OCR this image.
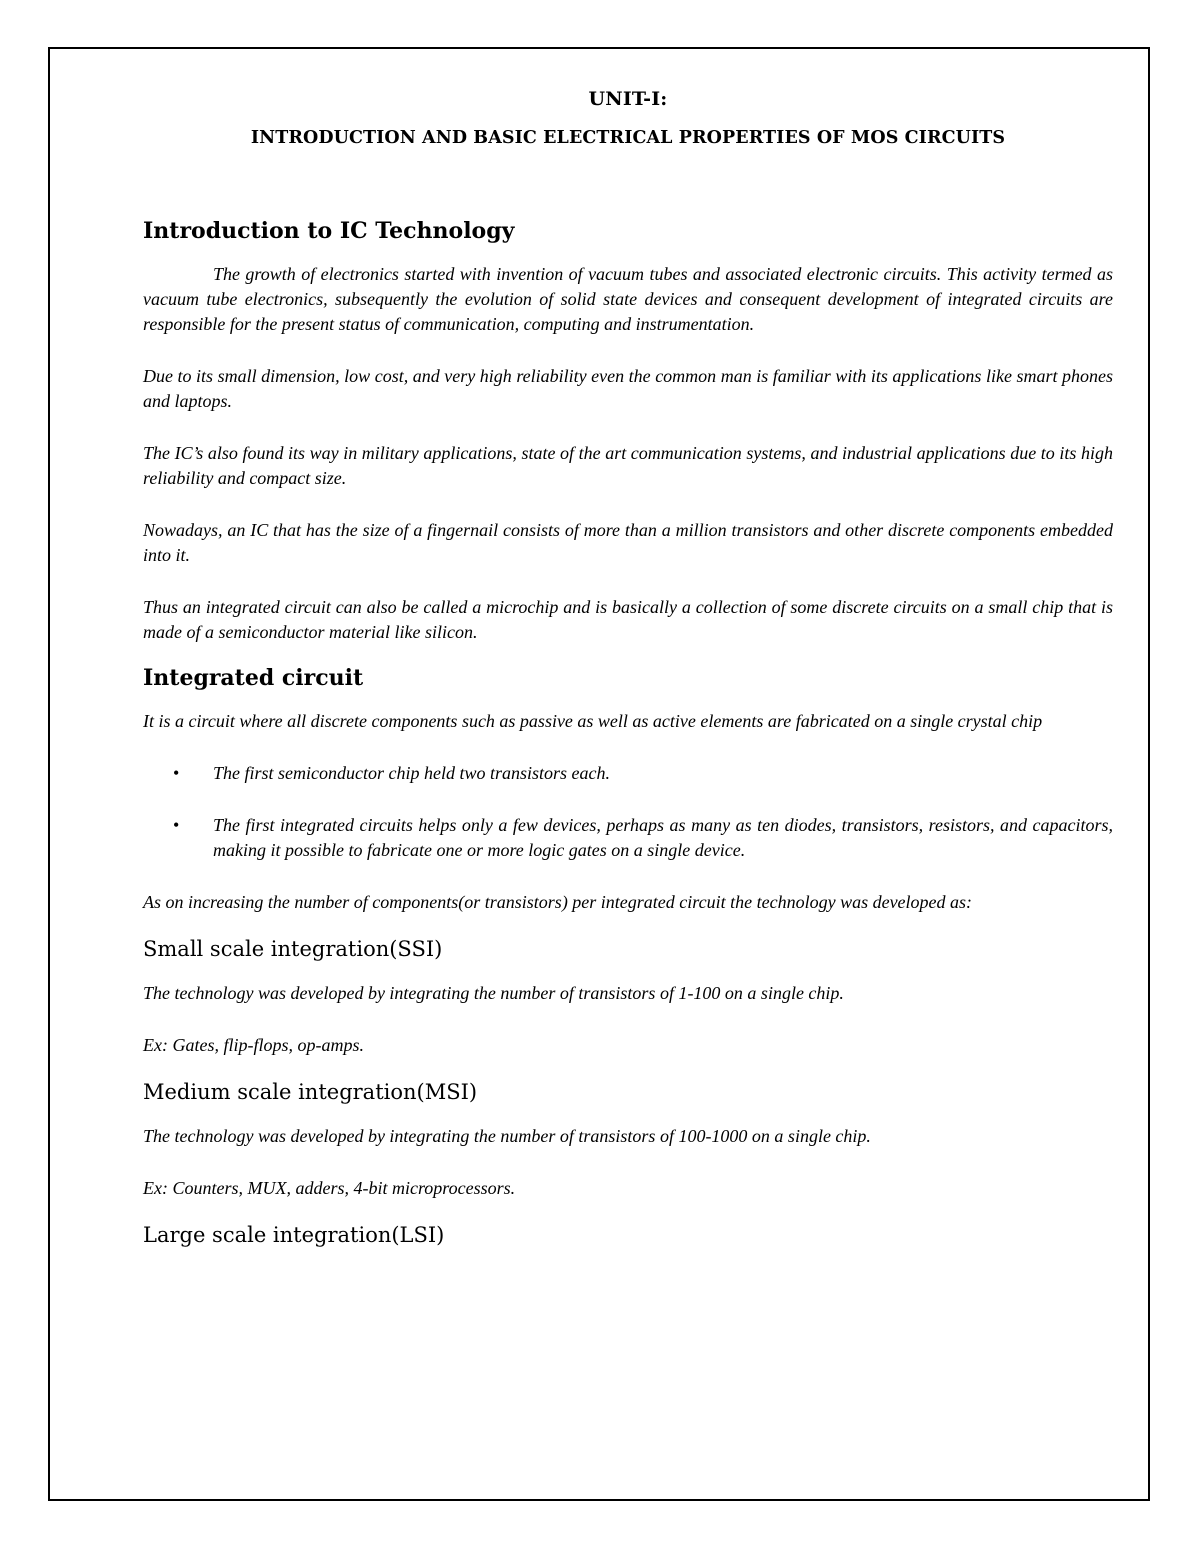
UNIT-I:
INTRODUCTION AND BASIC ELECTRICAL PROPERTIES OF MOS CIRCUITS
Introduction to IC Technology

The growth of electronics started with invention of vacuum tubes and associated electronic circuits. This activity termed as vacuum tube electronics, subsequently the evolution of solid state devices and consequent development of integrated circuits are responsible for the present status of communication, computing and instrumentation.

Due to its small dimension, low cost, and very high reliability even the common man is familiar with its applications like smart phones and laptops.

The IC’s also found its way in military applications, state of the art communication systems, and industrial applications due to its high reliability and compact size.

Nowadays, an IC that has the size of a fingernail consists of more than a million transistors and other discrete components embedded into it.

Thus an integrated circuit can also be called a microchip and is basically a collection of some discrete circuits on a small chip that is made of a semiconductor material like silicon.

Integrated circuit

It is a circuit where all discrete components such as passive as well as active elements are fabricated on a single crystal chip

• The first semiconductor chip held two transistors each.
• The first integrated circuits helps only a few devices, perhaps as many as ten diodes, transistors, resistors, and capacitors, making it possible to fabricate one or more logic gates on a single device.

As on increasing the number of components(or transistors) per integrated circuit the technology was developed as:

Small scale integration(SSI)

The technology was developed by integrating the number of transistors of 1-100 on a single chip.

Ex: Gates, flip-flops, op-amps.

Medium scale integration(MSI)

The technology was developed by integrating the number of transistors of 100-1000 on a single chip.

Ex: Counters, MUX, adders, 4-bit microprocessors.

Large scale integration(LSI)
